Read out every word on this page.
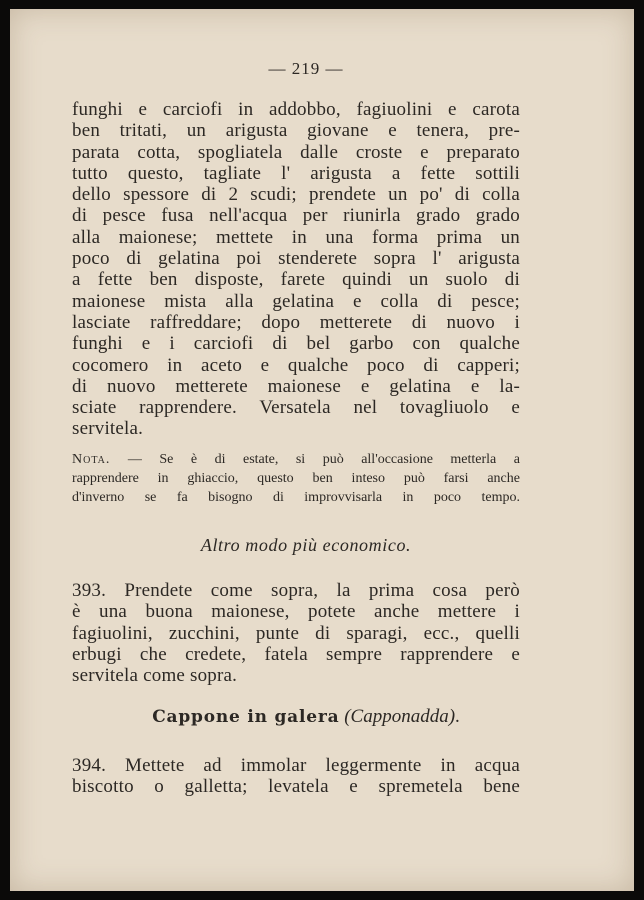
— 219 —
funghi e carciofi in addobbo, fagiuolini e carota
ben tritati, un arigusta giovane e tenera, pre-
parata cotta, spogliatela dalle croste e preparato
tutto questo, tagliate l' arigusta a fette sottili
dello spessore di 2 scudi; prendete un po' di colla
di pesce fusa nell'acqua per riunirla grado grado
alla maionese; mettete in una forma prima un
poco di gelatina poi stenderete sopra l' arigusta
a fette ben disposte, farete quindi un suolo di
maionese mista alla gelatina e colla di pesce;
lasciate raffreddare; dopo metterete di nuovo i
funghi e i carciofi di bel garbo con qualche
cocomero in aceto e qualche poco di capperi;
di nuovo metterete maionese e gelatina e la-
sciate rapprendere. Versatela nel tovagliuolo e
servitela.
Nota. — Se è di estate, si può all'occasione metterla a
rapprendere in ghiaccio, questo ben inteso può farsi anche
d'inverno se fa bisogno di improvvisarla in poco tempo.
Altro modo più economico.
393. Prendete come sopra, la prima cosa però
è una buona maionese, potete anche mettere i
fagiuolini, zucchini, punte di sparagi, ecc., quelli
erbugi che credete, fatela sempre rapprendere e
servitela come sopra.
Cappone in galera (Capponadda).
394. Mettete ad immolar leggermente in acqua
biscotto o galletta; levatela e spremetela bene
